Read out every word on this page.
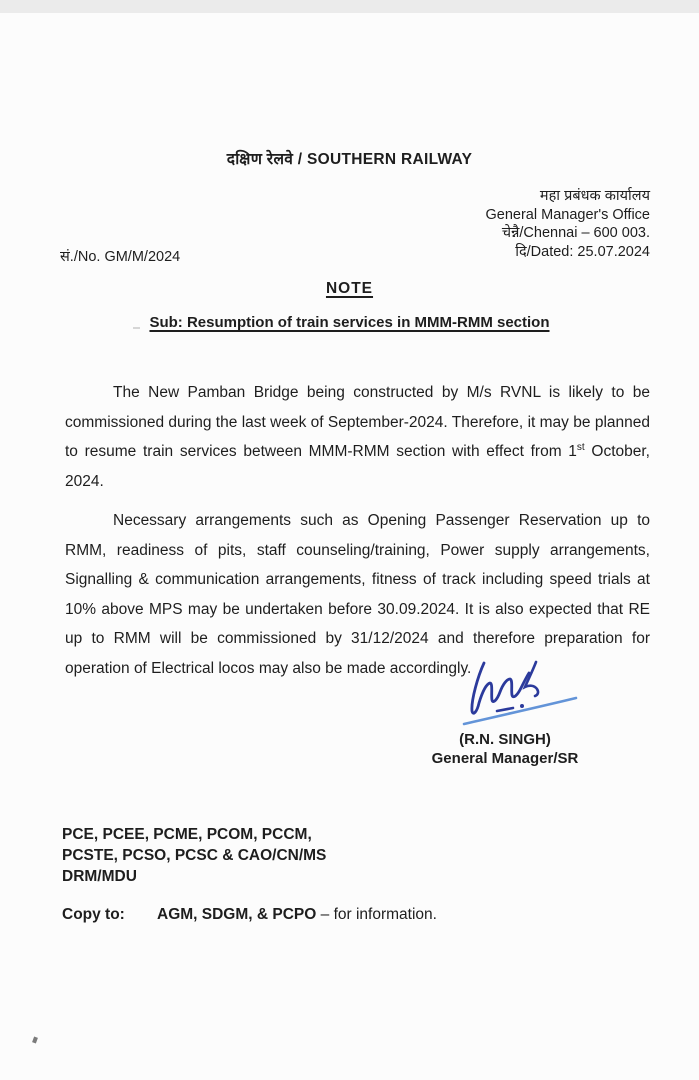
दक्षिण रेलवे / SOUTHERN RAILWAY
महा प्रबंधक कार्यालय
General Manager's Office
चेन्नै/Chennai – 600 003.
दि/Dated: 25.07.2024
सं./No. GM/M/2024
NOTE
Sub: Resumption of train services in MMM-RMM section

The New Pamban Bridge being constructed by M/s RVNL is likely to be commissioned during the last week of September-2024. Therefore, it may be planned to resume train services between MMM-RMM section with effect from 1st October, 2024.

Necessary arrangements such as Opening Passenger Reservation up to RMM, readiness of pits, staff counseling/training, Power supply arrangements, Signalling & communication arrangements, fitness of track including speed trials at 10% above MPS may be undertaken before 30.09.2024. It is also expected that RE up to RMM will be commissioned by 31/12/2024 and therefore preparation for operation of Electrical locos may also be made accordingly.

(R.N. SINGH)
General Manager/SR
PCE, PCEE, PCME, PCOM, PCCM,
PCSTE, PCSO, PCSC & CAO/CN/MS
DRM/MDU
Copy to: AGM, SDGM, & PCPO – for information.
